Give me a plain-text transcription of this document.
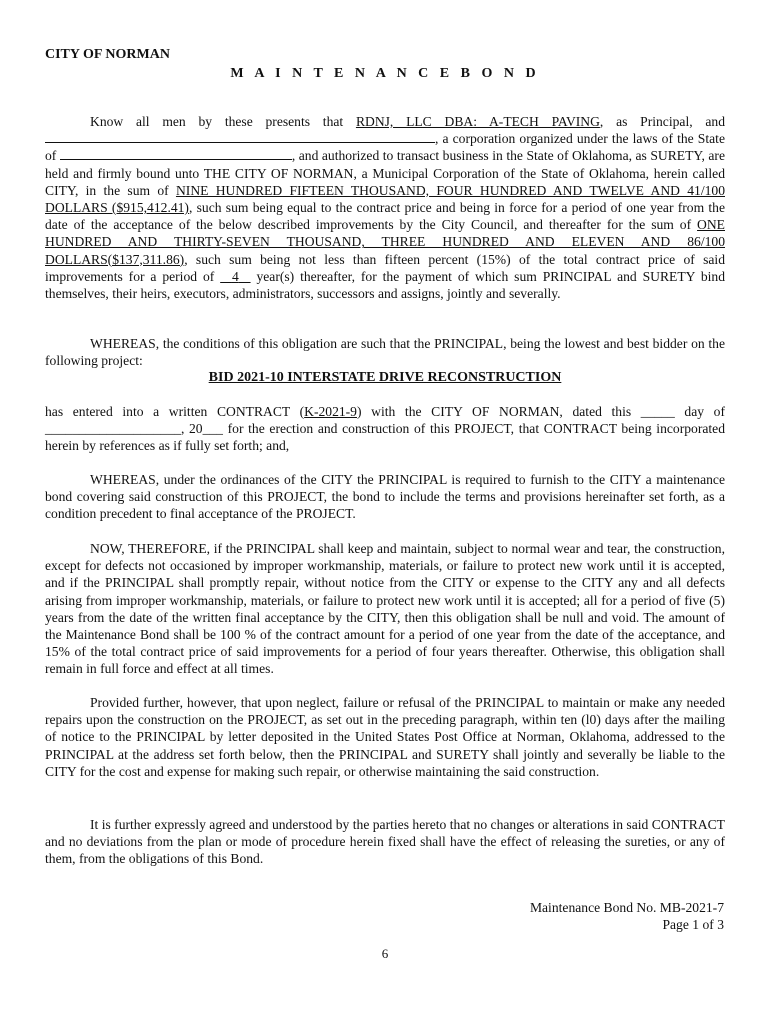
CITY OF NORMAN
M A I N T E N A N C E B O N D

Know all men by these presents that RDNJ, LLC DBA: A-TECH PAVING, as Principal, and , a corporation organized under the laws of the State of	, and authorized to transact business in the State of Oklahoma, as SURETY, are held and firmly bound unto THE CITY OF NORMAN, a Municipal Corporation of the State of Oklahoma, herein called CITY, in the sum of NINE HUNDRED FIFTEEN THOUSAND, FOUR HUNDRED AND TWELVE AND 41/100 DOLLARS ($915,412.41), such sum being equal to the contract price and being in force for a period of one year from the date of the acceptance of the below described improvements by the City Council, and thereafter for the sum of ONE HUNDRED AND THIRTY-SEVEN THOUSAND, THREE HUNDRED AND ELEVEN AND 86/100 DOLLARS($137,311.86), such sum being not less than fifteen percent (15%) of the total contract price of said improvements for a period of   4   year(s) thereafter, for the payment of which sum PRINCIPAL and SURETY bind themselves, their heirs, executors, administrators, successors and assigns, jointly and severally.

WHEREAS, the conditions of this obligation are such that the PRINCIPAL, being the lowest and best bidder on the following project:

BID 2021-10 INTERSTATE DRIVE RECONSTRUCTION

has entered into a written CONTRACT (K-2021-9) with the CITY OF NORMAN, dated this _____ day of ____________________, 20___ for the erection and construction of this PROJECT, that CONTRACT being incorporated herein by references as if fully set forth; and,

WHEREAS, under the ordinances of the CITY the PRINCIPAL is required to furnish to the CITY a maintenance bond covering said construction of this PROJECT, the bond to include the terms and provisions hereinafter set forth, as a condition precedent to final acceptance of the PROJECT.

NOW, THEREFORE, if the PRINCIPAL shall keep and maintain, subject to normal wear and tear, the construction, except for defects not occasioned by improper workmanship, materials, or failure to protect new work until it is accepted, and if the PRINCIPAL shall promptly repair, without notice from the CITY or expense to the CITY any and all defects arising from improper workmanship, materials, or failure to protect new work until it is accepted; all for a period of five (5) years from the date of the written final acceptance by the CITY, then this obligation shall be null and void. The amount of the Maintenance Bond shall be 100 % of the contract amount for a period of one year from the date of the acceptance, and 15% of the total contract price of said improvements for a period of four years thereafter. Otherwise, this obligation shall remain in full force and effect at all times.

Provided further, however, that upon neglect, failure or refusal of the PRINCIPAL to maintain or make any needed repairs upon the construction on the PROJECT, as set out in the preceding paragraph, within ten (l0) days after the mailing of notice to the PRINCIPAL by letter deposited in the United States Post Office at Norman, Oklahoma, addressed to the PRINCIPAL at the address set forth below, then the PRINCIPAL and SURETY shall jointly and severally be liable to the CITY for the cost and expense for making such repair, or otherwise maintaining the said construction.

It is further expressly agreed and understood by the parties hereto that no changes or alterations in said CONTRACT and no deviations from the plan or mode of procedure herein fixed shall have the effect of releasing the sureties, or any of them, from the obligations of this Bond.

Maintenance Bond No. MB-2021-7
Page 1 of 3
6
